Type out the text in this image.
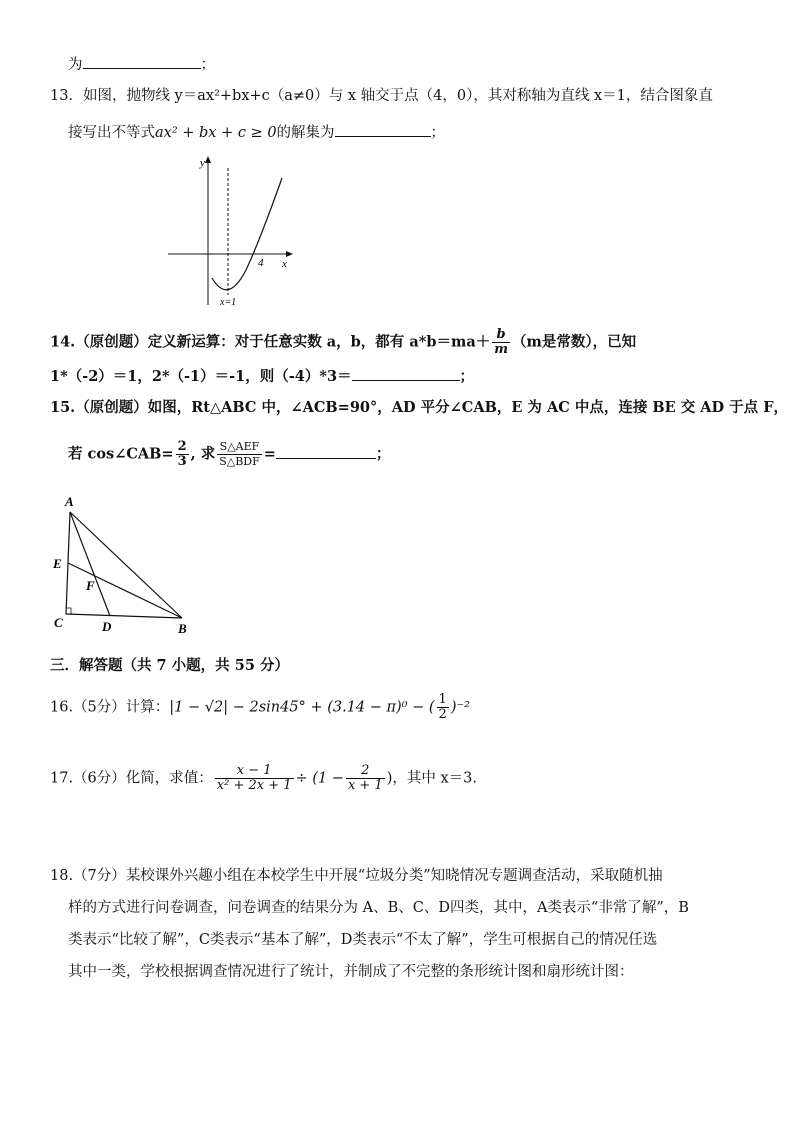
为	；
13．如图，抛物线 y＝ax²+bx+c（a≠0）与 x 轴交于点（4，0），其对称轴为直线 x＝1，结合图象直
接写出不等式ax² + bx + c ≥ 0的解集为	；
y
x
4
x=1
14.（原创题）定义新运算：对于任意实数 a，b，都有 $a*b=ma+ \frac{b}{m} (m$是常数），已知
1*（-2）＝1，2*（-1）＝-1，则（-4）*3＝	；
15.（原创题）如图，Rt△ABC 中，∠ACB=90°，AD 平分∠CAB，E 为 AC 中点，连接 BE 交 AD 于点 F，
若 cos∠CAB= $\frac{2}{3}$ , 求 $\frac{\text{S△AEF}}{\text{S△BDF}}$ =	；
A
E
F
C	D	B
三．解答题（共 7 小题，共 55 分）
16.（5分）计算：|1 − √2| − 2sin45° + (3.14 − π)⁰ − ( $\frac{1}{2} )^{-2}$
17.（6分）化简，求值： $\frac{x - 1}{\text{x² + 2x + 1}} \div (1 - \frac{2}{x + 1}$ )，其中 x＝3.
18.（7分）某校课外兴趣小组在本校学生中开展“垃圾分类”知晓情况专题调查活动，采取随机抽
样的方式进行问卷调查，问卷调查的结果分为 A、B、C、D四类，其中，A类表示“非常了解”，B
类表示“比较了解”，C类表示“基本了解”，D类表示“不太了解”，学生可根据自己的情况任选
其中一类，学校根据调查情况进行了统计，并制成了不完整的条形统计图和扇形统计图：
